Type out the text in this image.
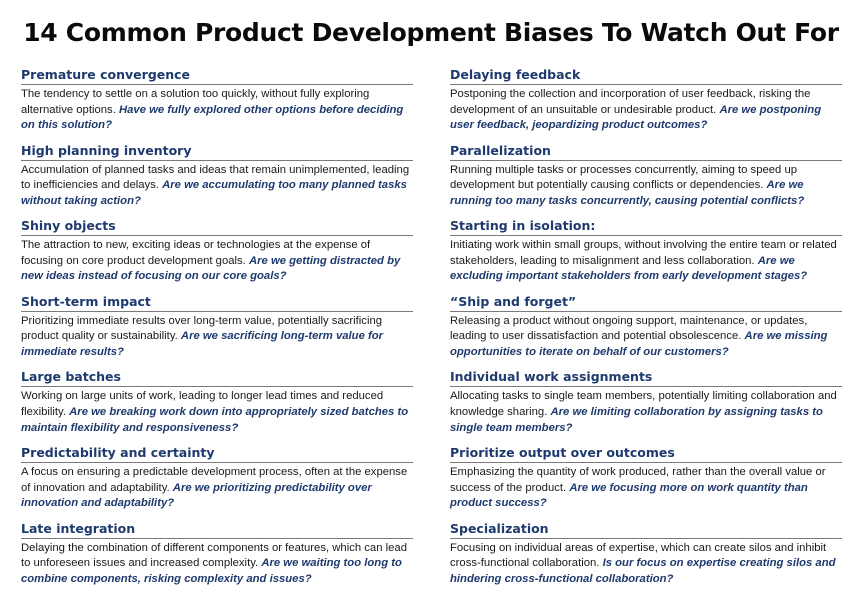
14 Common Product Development Biases To Watch Out For
Premature convergence
The tendency to settle on a solution too quickly, without fully exploring alternative options. Have we fully explored other options before deciding on this solution?
High planning inventory
Accumulation of planned tasks and ideas that remain unimplemented, leading to inefficiencies and delays. Are we accumulating too many planned tasks without taking action?
Shiny objects
The attraction to new, exciting ideas or technologies at the expense of focusing on core product development goals. Are we getting distracted by new ideas instead of focusing on our core goals?
Short-term impact
Prioritizing immediate results over long-term value, potentially sacrificing product quality or sustainability. Are we sacrificing long-term value for immediate results?
Large batches
Working on large units of work, leading to longer lead times and reduced flexibility. Are we breaking work down into appropriately sized batches to maintain flexibility and responsiveness?
Predictability and certainty
A focus on ensuring a predictable development process, often at the expense of innovation and adaptability. Are we prioritizing predictability over innovation and adaptability?
Late integration
Delaying the combination of different components or features, which can lead to unforeseen issues and increased complexity. Are we waiting too long to combine components, risking complexity and issues?
Delaying feedback
Postponing the collection and incorporation of user feedback, risking the development of an unsuitable or undesirable product. Are we postponing user feedback, jeopardizing product outcomes?
Parallelization
Running multiple tasks or processes concurrently, aiming to speed up development but potentially causing conflicts or dependencies. Are we running too many tasks concurrently, causing potential conflicts?
Starting in isolation:
Initiating work within small groups, without involving the entire team or related stakeholders, leading to misalignment and less collaboration. Are we excluding important stakeholders from early development stages?
“Ship and forget”
Releasing a product without ongoing support, maintenance, or updates, leading to user dissatisfaction and potential obsolescence. Are we missing opportunities to iterate on behalf of our customers?
Individual work assignments
Allocating tasks to single team members, potentially limiting collaboration and knowledge sharing. Are we limiting collaboration by assigning tasks to single team members?
Prioritize output over outcomes
Emphasizing the quantity of work produced, rather than the overall value or success of the product. Are we focusing more on work quantity than product success?
Specialization
Focusing on individual areas of expertise, which can create silos and inhibit cross-functional collaboration. Is our focus on expertise creating silos and hindering cross-functional collaboration?
